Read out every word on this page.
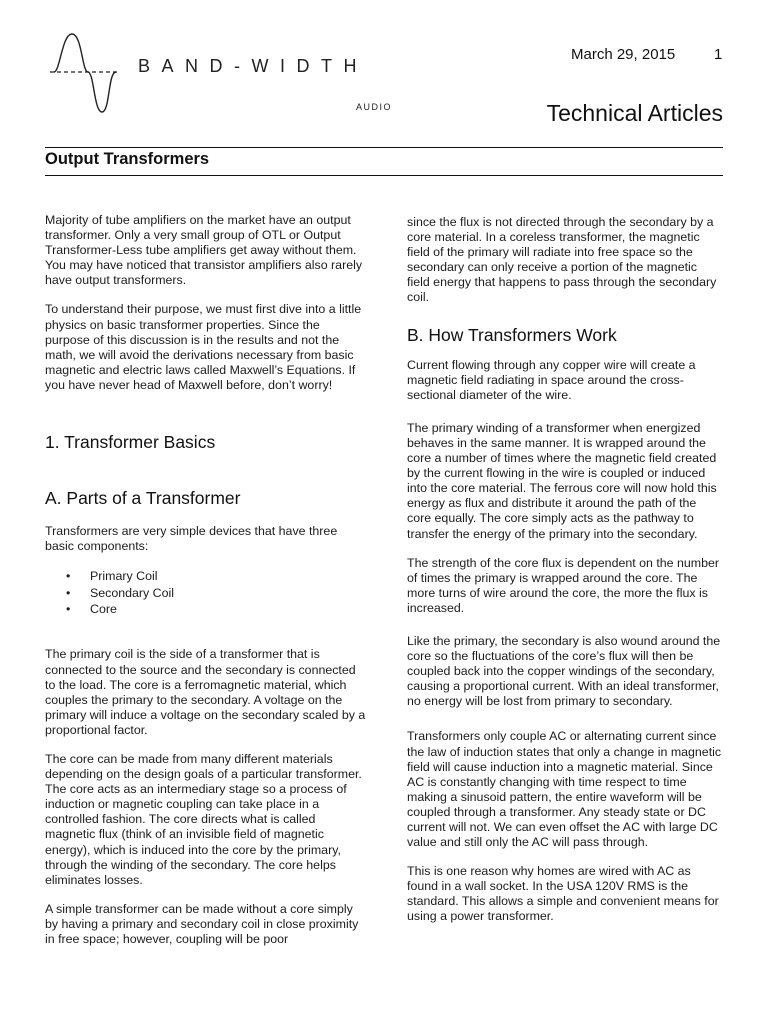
BAND-WIDTH
AUDIO
March 29, 2015	1
Technical Articles
Output Transformers

Majority of tube amplifiers on the market have an output transformer. Only a very small group of OTL or Output Transformer-Less tube amplifiers get away without them. You may have noticed that transistor amplifiers also rarely have output transformers.

To understand their purpose, we must first dive into a little physics on basic transformer properties. Since the purpose of this discussion is in the results and not the math, we will avoid the derivations necessary from basic magnetic and electric laws called Maxwell’s Equations. If you have never head of Maxwell before, don’t worry!

1. Transformer Basics
A. Parts of a Transformer

Transformers are very simple devices that have three basic components:

• Primary Coil
• Secondary Coil
• Core

The primary coil is the side of a transformer that is connected to the source and the secondary is connected to the load. The core is a ferromagnetic material, which couples the primary to the secondary. A voltage on the primary will induce a voltage on the secondary scaled by a proportional factor.

The core can be made from many different materials depending on the design goals of a particular transformer. The core acts as an intermediary stage so a process of induction or magnetic coupling can take place in a controlled fashion. The core directs what is called magnetic flux (think of an invisible field of magnetic energy), which is induced into the core by the primary, through the winding of the secondary. The core helps eliminates losses.

A simple transformer can be made without a core simply by having a primary and secondary coil in close proximity in free space; however, coupling will be poor

since the flux is not directed through the secondary by a core material. In a coreless transformer, the magnetic field of the primary will radiate into free space so the secondary can only receive a portion of the magnetic field energy that happens to pass through the secondary coil.

B. How Transformers Work

Current flowing through any copper wire will create a magnetic field radiating in space around the cross-sectional diameter of the wire.

The primary winding of a transformer when energized behaves in the same manner. It is wrapped around the core a number of times where the magnetic field created by the current flowing in the wire is coupled or induced into the core material. The ferrous core will now hold this energy as flux and distribute it around the path of the core equally. The core simply acts as the pathway to transfer the energy of the primary into the secondary.

The strength of the core flux is dependent on the number of times the primary is wrapped around the core. The more turns of wire around the core, the more the flux is increased.

Like the primary, the secondary is also wound around the core so the fluctuations of the core’s flux will then be coupled back into the copper windings of the secondary, causing a proportional current. With an ideal transformer, no energy will be lost from primary to secondary.

Transformers only couple AC or alternating current since the law of induction states that only a change in magnetic field will cause induction into a magnetic material. Since AC is constantly changing with time respect to time making a sinusoid pattern, the entire waveform will be coupled through a transformer. Any steady state or DC current will not. We can even offset the AC with large DC value and still only the AC will pass through.

This is one reason why homes are wired with AC as found in a wall socket. In the USA 120V RMS is the standard. This allows a simple and convenient means for using a power transformer.
